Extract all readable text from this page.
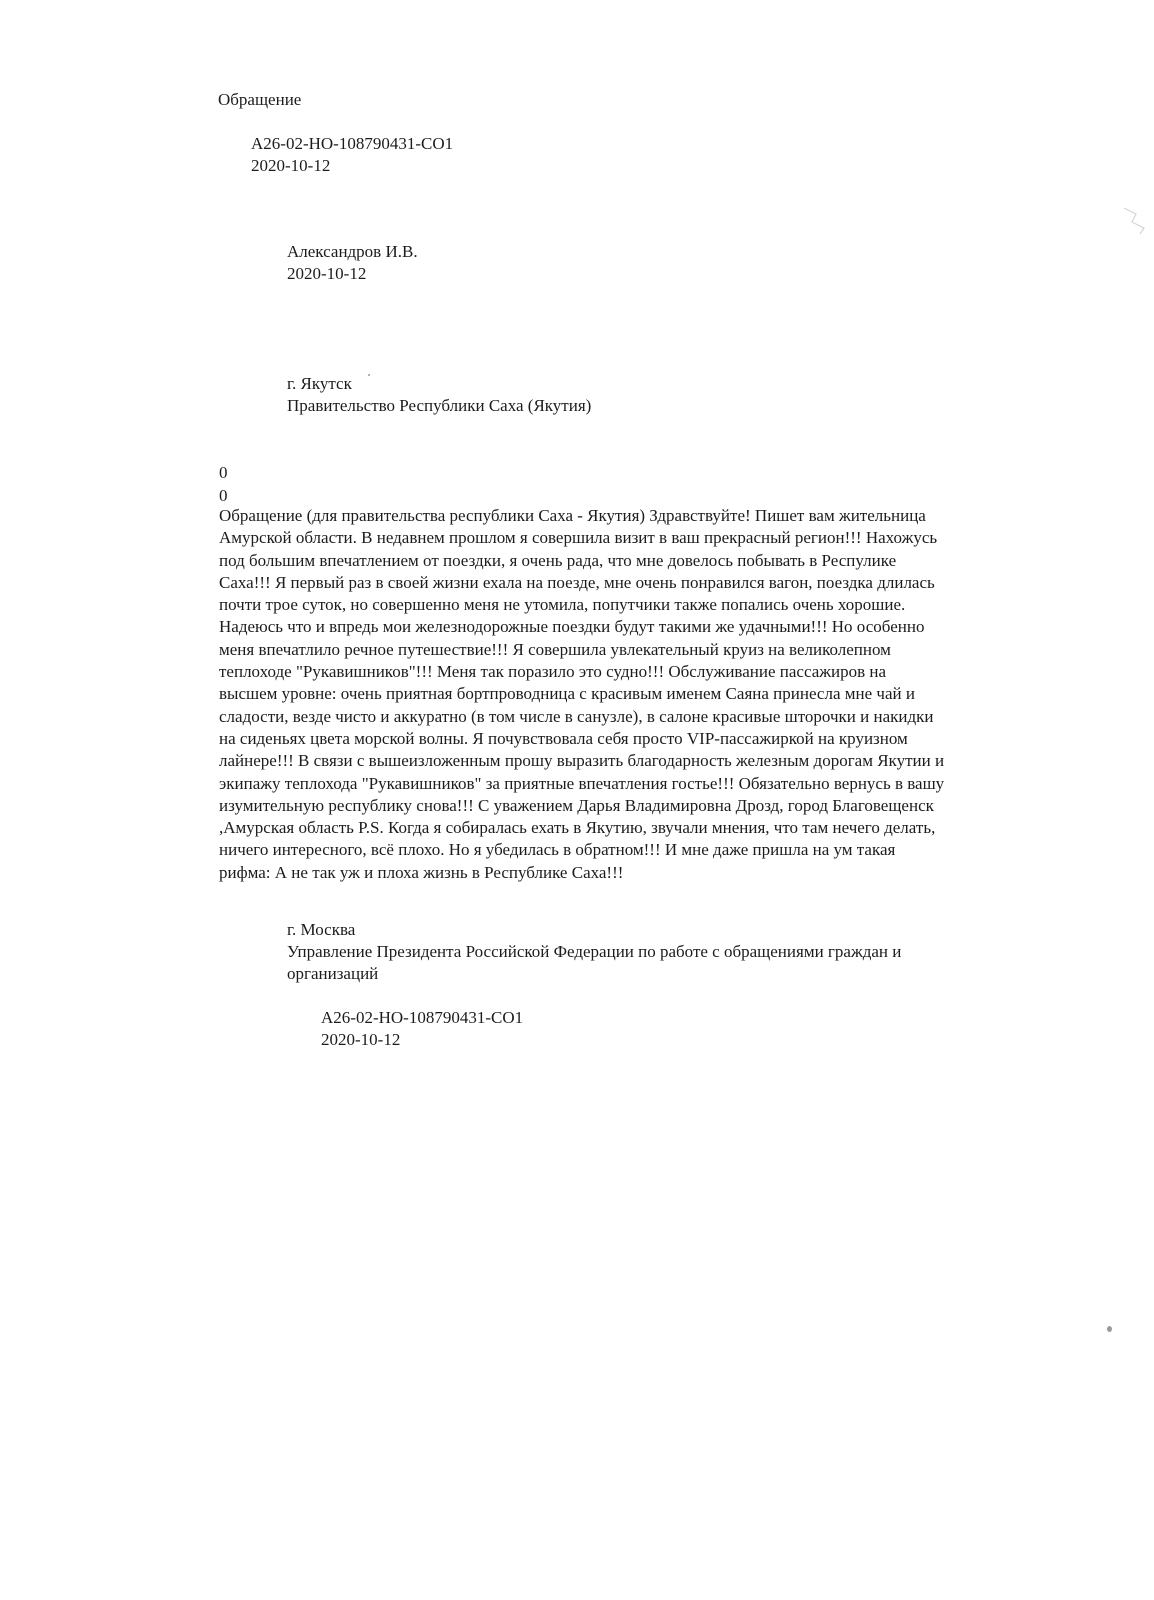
Обращение
А26-02-НО-108790431-СО1
2020-10-12
Александров И.В.
2020-10-12
г. Якутск
Правительство Республики Саха (Якутия)
0
0
Обращение (для правительства республики Саха - Якутия) Здравствуйте! Пишет вам жительница
Амурской области. В недавнем прошлом я совершила визит в ваш прекрасный регион!!! Нахожусь
под большим впечатлением от поездки, я очень рада, что мне довелось побывать в Респулике
Саха!!! Я первый раз в своей жизни ехала на поезде, мне очень понравился вагон, поездка длилась
почти трое суток, но совершенно меня не утомила, попутчики также попались очень хорошие.
Надеюсь что и впредь мои железнодорожные поездки будут такими же удачными!!! Но особенно
меня впечатлило речное путешествие!!! Я совершила увлекательный круиз на великолепном
теплоходе "Рукавишников"!!! Меня так поразило это судно!!! Обслуживание пассажиров на
высшем уровне: очень приятная бортпроводница с красивым именем Саяна принесла мне чай и
сладости, везде чисто и аккуратно (в том числе в санузле), в салоне красивые шторочки и накидки
на сиденьях цвета морской волны. Я почувствовала себя просто VIP-пассажиркой на круизном
лайнере!!! В связи с вышеизложенным прошу выразить благодарность железным дорогам Якутии и
экипажу теплохода "Рукавишников" за приятные впечатления гостье!!! Обязательно вернусь в вашу
изумительную республику снова!!! С уважением Дарья Владимировна Дрозд, город Благовещенск
,Амурская область P.S. Когда я собиралась ехать в Якутию, звучали мнения, что там нечего делать,
ничего интересного, всё плохо. Но я убедилась в обратном!!! И мне даже пришла на ум такая
рифма: А не так уж и плоха жизнь в Республике Саха!!!
г. Москва
Управление Президента Российской Федерации по работе с обращениями граждан и
организаций
А26-02-НО-108790431-СО1
2020-10-12
